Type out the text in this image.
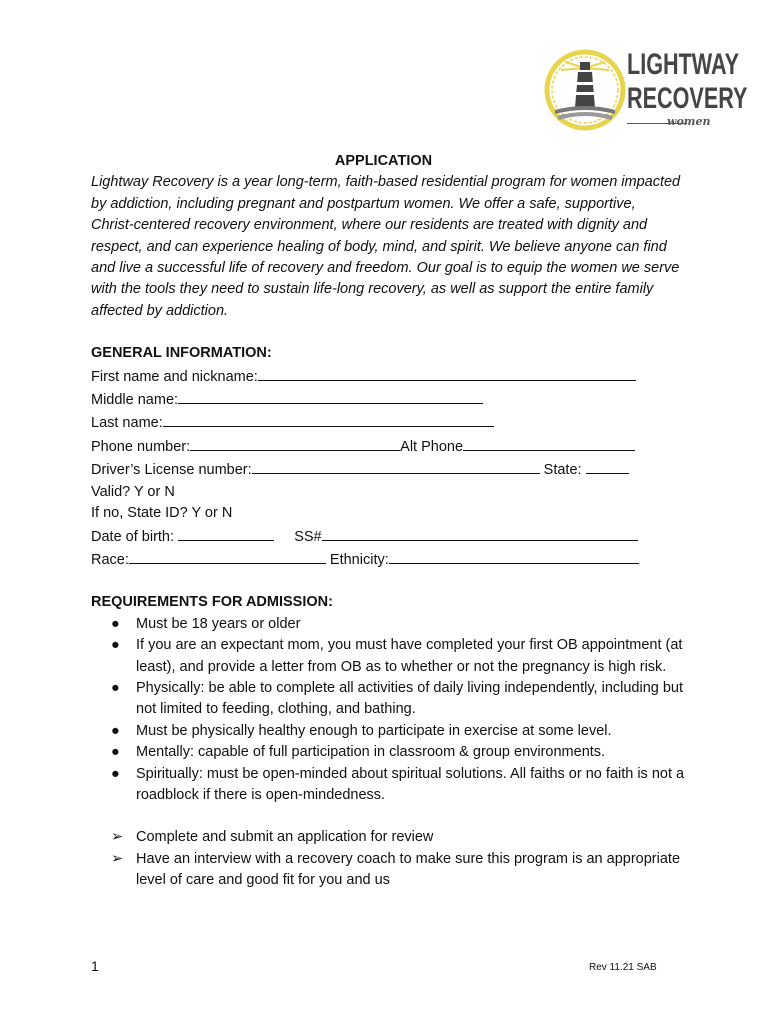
LIGHTWAY
RECOVERY
women
APPLICATION

Lightway Recovery is a year long-term, faith-based residential program for women impacted by addiction, including pregnant and postpartum women. We offer a safe, supportive, Christ-centered recovery environment, where our residents are treated with dignity and respect, and can experience healing of body, mind, and spirit. We believe anyone can find and live a successful life of recovery and freedom. Our goal is to equip the women we serve with the tools they need to sustain life-long recovery, as well as support the entire family affected by addiction.

GENERAL INFORMATION:
First name and nickname:
Middle name:
Last name:
Phone number:	Alt Phone
Driver’s License number:	State:
Valid? Y or N
If no, State ID? Y or N
Date of birth:	SS#
Race:	Ethnicity:
REQUIREMENTS FOR ADMISSION:
● Must be 18 years or older
● If you are an expectant mom, you must have completed your first OB appointment (at least), and provide a letter from OB as to whether or not the pregnancy is high risk.
● Physically: be able to complete all activities of daily living independently, including but not limited to feeding, clothing, and bathing.
● Must be physically healthy enough to participate in exercise at some level.
● Mentally: capable of full participation in classroom & group environments.
● Spiritually: must be open-minded about spiritual solutions. All faiths or no faith is not a roadblock if there is open-mindedness.
➢ Complete and submit an application for review
➢ Have an interview with a recovery coach to make sure this program is an appropriate level of care and good fit for you and us
1	Rev 11.21 SAB
